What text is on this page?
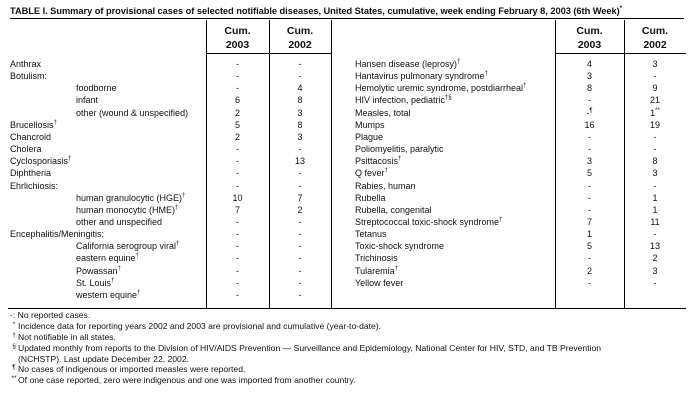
TABLE I. Summary of provisional cases of selected notifiable diseases, United States, cumulative, week ending February 8, 2003 (6th Week)*
Cum.
2003
Cum.
2002
Cum.
2003
Cum.
2002
Anthrax	-	-
Botulism:	-	-
foodborne	-	4
infant	6	8
other (wound & unspecified)	2	3
Brucellosis†	5	8
Chancroid	2	3
Cholera	-	-
Cyclosporiasis†	-	13
Diphtheria	-	-
Ehrlichiosis:	-	-
human granulocytic (HGE)†	10	7
human monocytic (HME)†	7	2
other and unspecified	-	-
Encephalitis/Meningitis:	-	-
California serogroup viral†	-	-
eastern equine†	-	-
Powassan†	-	-
St. Louis†	-	-
western equine†	-	-
Hansen disease (leprosy)†	4	3
Hantavirus pulmonary syndrome†	3	-
Hemolytic uremic syndrome, postdiarrheal†	8	9
HIV infection, pediatric†§	-	21
Measles, total	-¶	1**
Mumps	16	19
Plague	-	-
Poliomyelitis, paralytic	-	-
Psittacosis†	3	8
Q fever†	5	3
Rabies, human	-	-
Rubella	-	1
Rubella, congenital	-	1
Streptococcal toxic-shock syndrome†	7	11
Tetanus	1	-
Toxic-shock syndrome	5	13
Trichinosis	-	2
Tularemia†	2	3
Yellow fever	-	-
-: No reported cases.
* Incidence data for reporting years 2002 and 2003 are provisional and cumulative (year-to-date).
† Not notifiable in all states.
§ Updated monthly from reports to the Division of HIV/AIDS Prevention — Surveillance and Epidemiology, National Center for HIV, STD, and TB Prevention
(NCHSTP). Last update December 22, 2002.
¶ No cases of indigenous or imported measles were reported.
**Of one case reported, zero were indigenous and one was imported from another country.
